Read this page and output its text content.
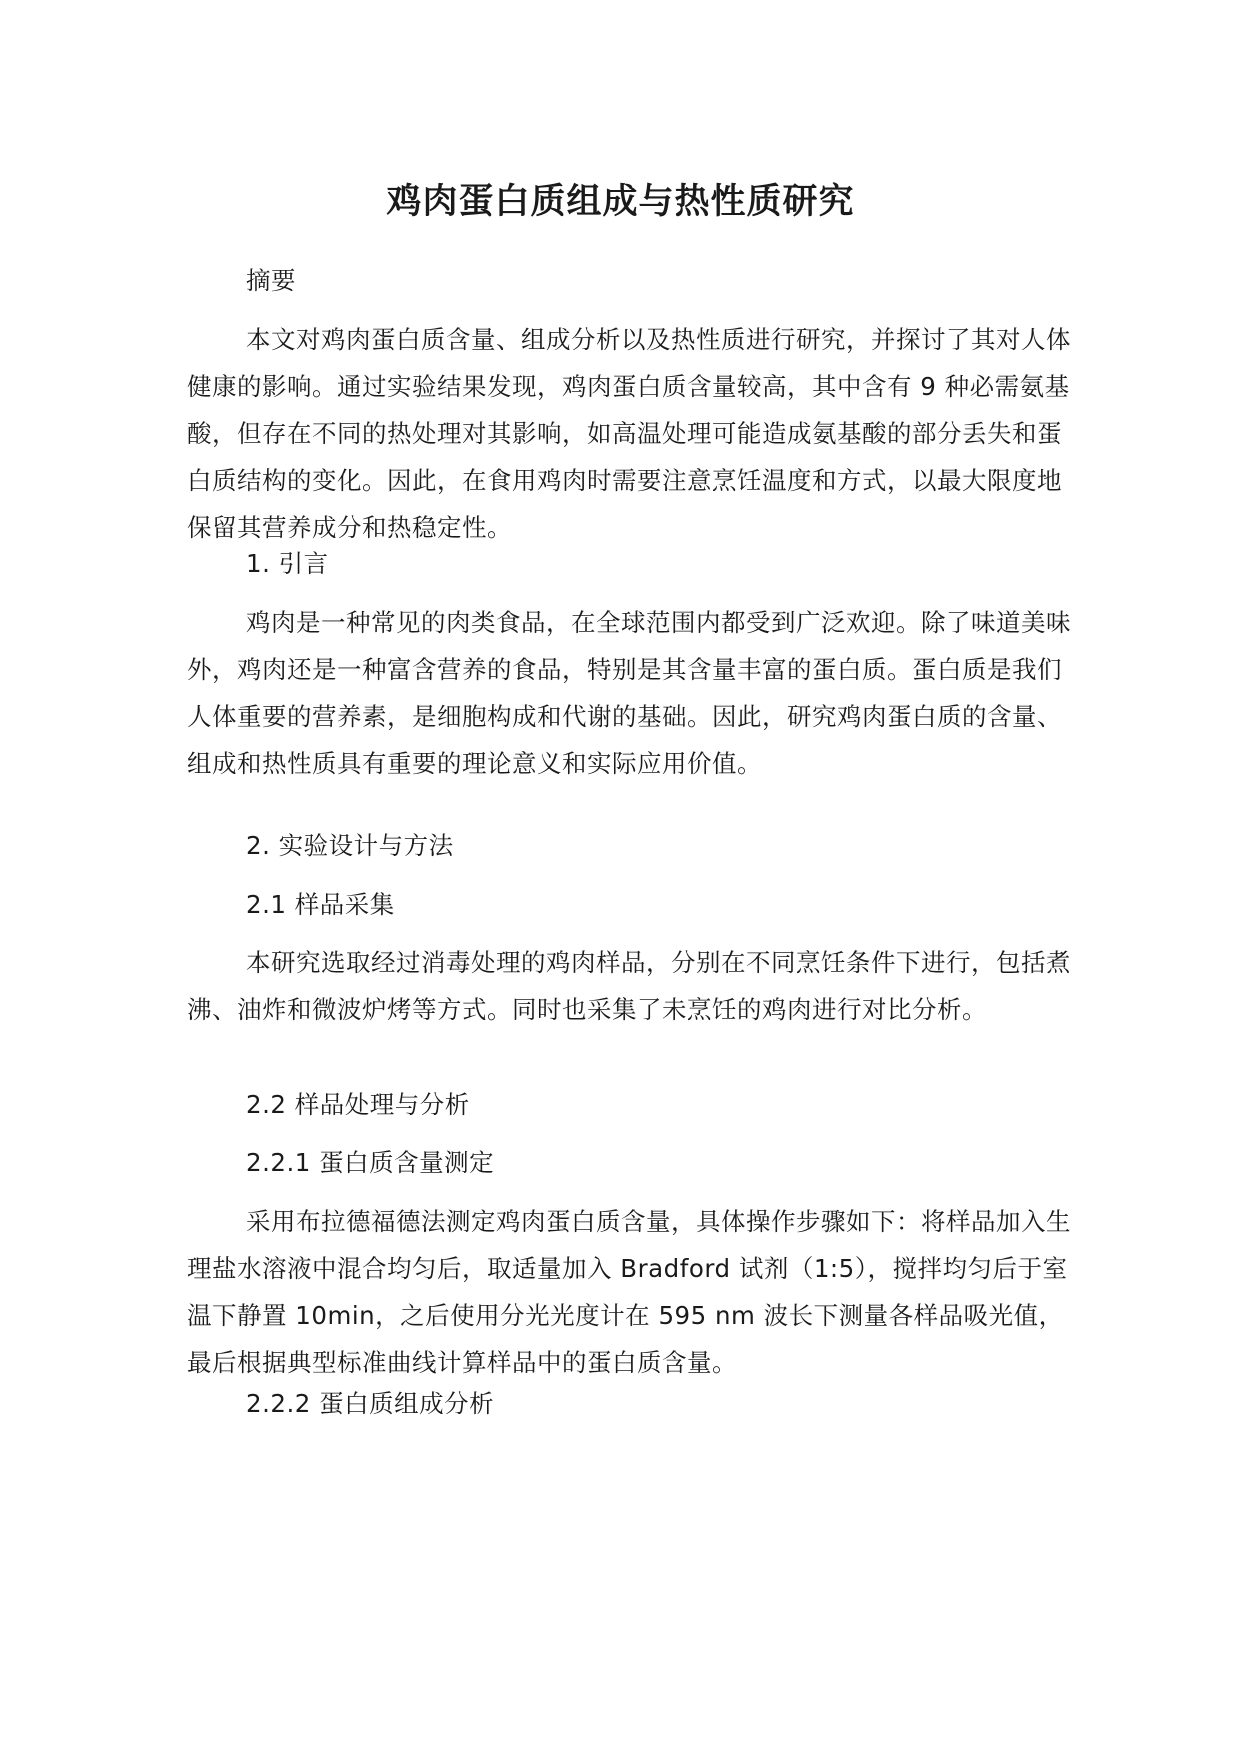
鸡肉蛋白质组成与热性质研究

摘要

本文对鸡肉蛋白质含量、组成分析以及热性质进行研究，并探讨了其对人体健康的影响。通过实验结果发现，鸡肉蛋白质含量较高，其中含有 9 种必需氨基酸，但存在不同的热处理对其影响，如高温处理可能造成氨基酸的部分丢失和蛋白质结构的变化。因此，在食用鸡肉时需要注意烹饪温度和方式，以最大限度地保留其营养成分和热稳定性。

1. 引言

鸡肉是一种常见的肉类食品，在全球范围内都受到广泛欢迎。除了味道美味外，鸡肉还是一种富含营养的食品，特别是其含量丰富的蛋白质。蛋白质是我们人体重要的营养素，是细胞构成和代谢的基础。因此，研究鸡肉蛋白质的含量、组成和热性质具有重要的理论意义和实际应用价值。

2. 实验设计与方法

2.1 样品采集

本研究选取经过消毒处理的鸡肉样品，分别在不同烹饪条件下进行，包括煮沸、油炸和微波炉烤等方式。同时也采集了未烹饪的鸡肉进行对比分析。

2.2 样品处理与分析

2.2.1 蛋白质含量测定

采用布拉德福德法测定鸡肉蛋白质含量，具体操作步骤如下：将样品加入生理盐水溶液中混合均匀后，取适量加入 Bradford 试剂（1:5），搅拌均匀后于室温下静置 10min，之后使用分光光度计在 595 nm 波长下测量各样品吸光值，最后根据典型标准曲线计算样品中的蛋白质含量。

2.2.2 蛋白质组成分析
